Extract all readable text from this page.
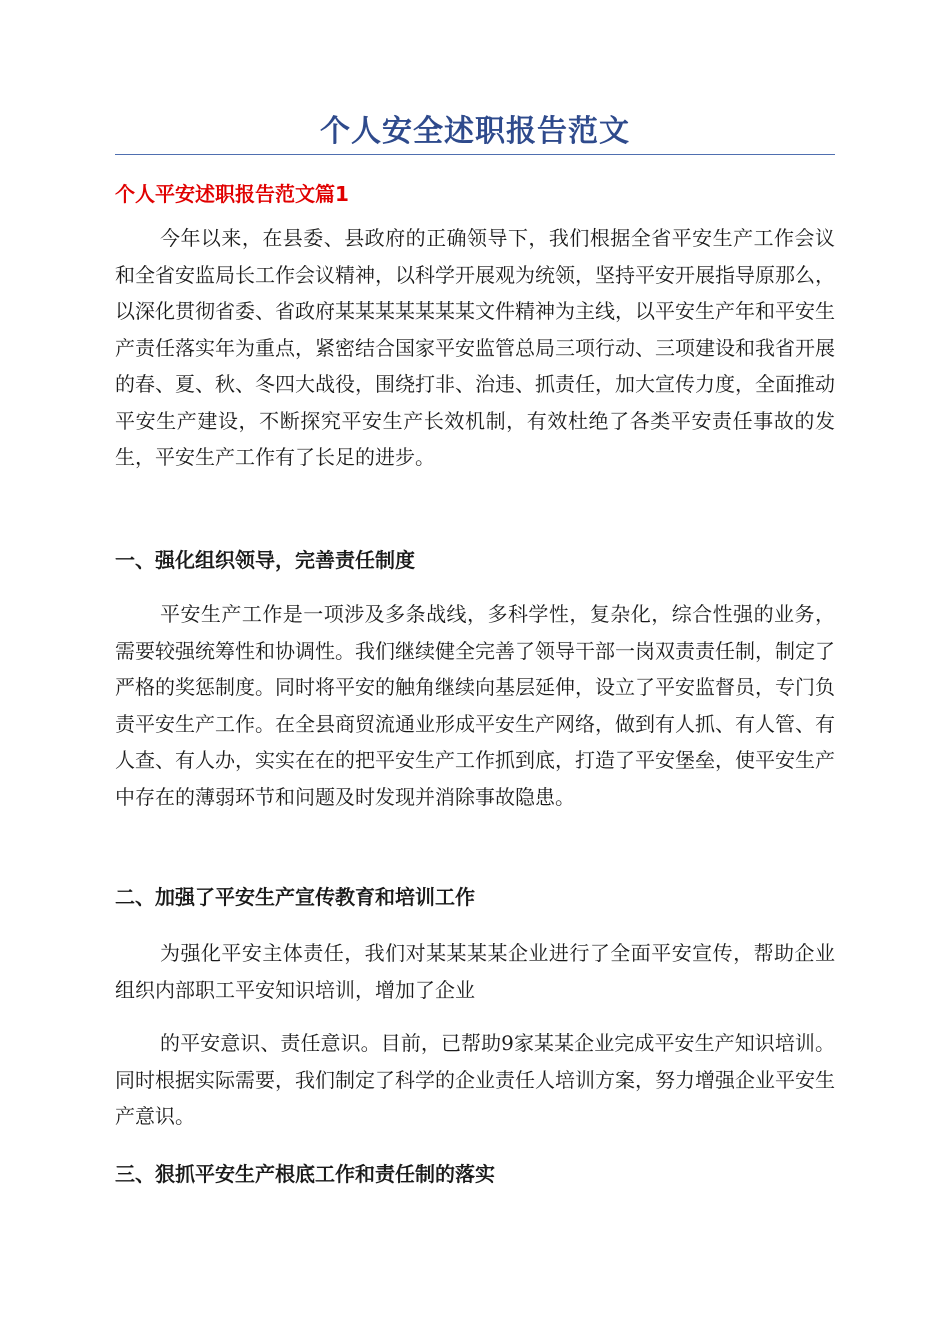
个人安全述职报告范文
个人平安述职报告范文篇1

今年以来，在县委、县政府的正确领导下，我们根据全省平安生产工作会议和全省安监局长工作会议精神，以科学开展观为统领，坚持平安开展指导原那么，以深化贯彻省委、省政府某某某某某某某文件精神为主线，以平安生产年和平安生产责任落实年为重点，紧密结合国家平安监管总局三项行动、三项建设和我省开展的春、夏、秋、冬四大战役，围绕打非、治违、抓责任，加大宣传力度，全面推动平安生产建设，不断探究平安生产长效机制，有效杜绝了各类平安责任事故的发生，平安生产工作有了长足的进步。

一、强化组织领导，完善责任制度

平安生产工作是一项涉及多条战线，多科学性，复杂化，综合性强的业务，需要较强统筹性和协调性。我们继续健全完善了领导干部一岗双责责任制，制定了严格的奖惩制度。同时将平安的触角继续向基层延伸，设立了平安监督员，专门负责平安生产工作。在全县商贸流通业形成平安生产网络，做到有人抓、有人管、有人查、有人办，实实在在的把平安生产工作抓到底，打造了平安堡垒，使平安生产中存在的薄弱环节和问题及时发现并消除事故隐患。

二、加强了平安生产宣传教育和培训工作

为强化平安主体责任，我们对某某某某企业进行了全面平安宣传，帮助企业组织内部职工平安知识培训，增加了企业

的平安意识、责任意识。目前，已帮助9家某某企业完成平安生产知识培训。同时根据实际需要，我们制定了科学的企业责任人培训方案，努力增强企业平安生产意识。

三、狠抓平安生产根底工作和责任制的落实
